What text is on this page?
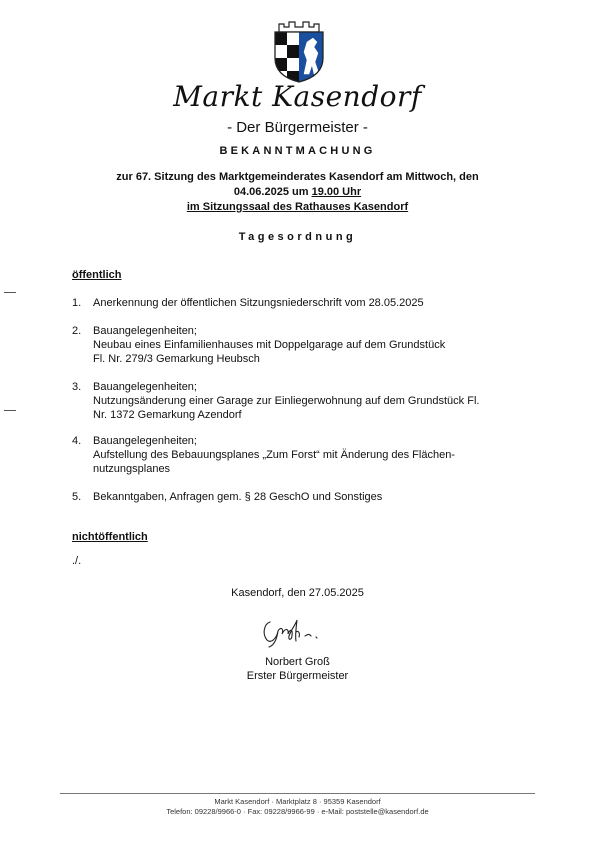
Markt Kasendorf
- Der Bürgermeister -
BEKANNTMACHUNG
zur 67. Sitzung des Marktgemeinderates Kasendorf am Mittwoch, den
04.06.2025 um 19.00 Uhr
im Sitzungssaal des Rathauses Kasendorf
Tagesordnung
öffentlich
1.	Anerkennung der öffentlichen Sitzungsniederschrift vom 28.05.2025
2.	Bauangelegenheiten;
Neubau eines Einfamilienhauses mit Doppelgarage auf dem Grundstück
Fl. Nr. 279/3 Gemarkung Heubsch
3.	Bauangelegenheiten;
Nutzungsänderung einer Garage zur Einliegerwohnung auf dem Grundstück Fl.
Nr. 1372 Gemarkung Azendorf
4.	Bauangelegenheiten;
Aufstellung des Bebauungsplanes „Zum Forst“ mit Änderung des Flächen-
nutzungsplanes
5.	Bekanntgaben, Anfragen gem. § 28 GeschO und Sonstiges
nichtöffentlich
./.
Kasendorf, den 27.05.2025
Norbert Groß
Erster Bürgermeister
Markt Kasendorf · Marktplatz 8 · 95359 Kasendorf
Telefon: 09228/9966-0 · Fax: 09228/9966-99 · e-Mail: poststelle@kasendorf.de
